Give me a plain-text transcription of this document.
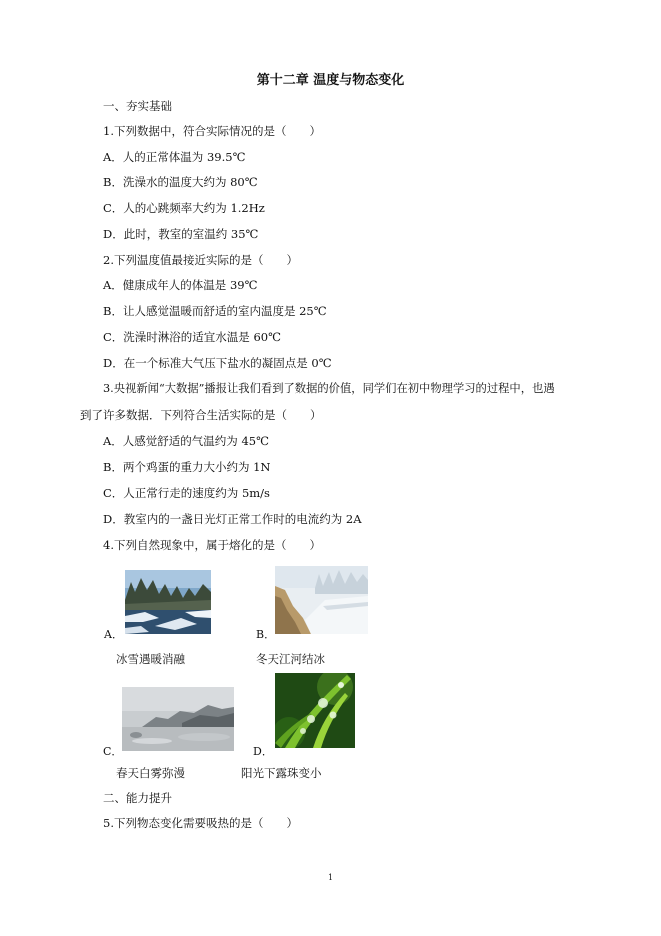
第十二章 温度与物态变化
一、夯实基础
1.下列数据中，符合实际情况的是（　　）
A．人的正常体温为 39.5℃
B．洗澡水的温度大约为 80℃
C．人的心跳频率大约为 1.2Hz
D．此时，教室的室温约 35℃
2.下列温度值最接近实际的是（　　）
A．健康成年人的体温是 39℃
B．让人感觉温暖而舒适的室内温度是 25℃
C．洗澡时淋浴的适宜水温是 60℃
D．在一个标准大气压下盐水的凝固点是 0℃
3.央视新闻“大数据”播报让我们看到了数据的价值，同学们在初中物理学习的过程中，也遇
到了许多数据．下列符合生活实际的是（　　）
A．人感觉舒适的气温约为 45℃
B．两个鸡蛋的重力大小约为 1N
C．人正常行走的速度约为 5m/s
D．教室内的一盏日光灯正常工作时的电流约为 2A
4.下列自然现象中，属于熔化的是（　　）
A．
冰雪遇暖消融
B．
冬天江河结冰
C．
春天白雾弥漫
D．
阳光下露珠变小
二、能力提升
5.下列物态变化需要吸热的是（　　）
1
